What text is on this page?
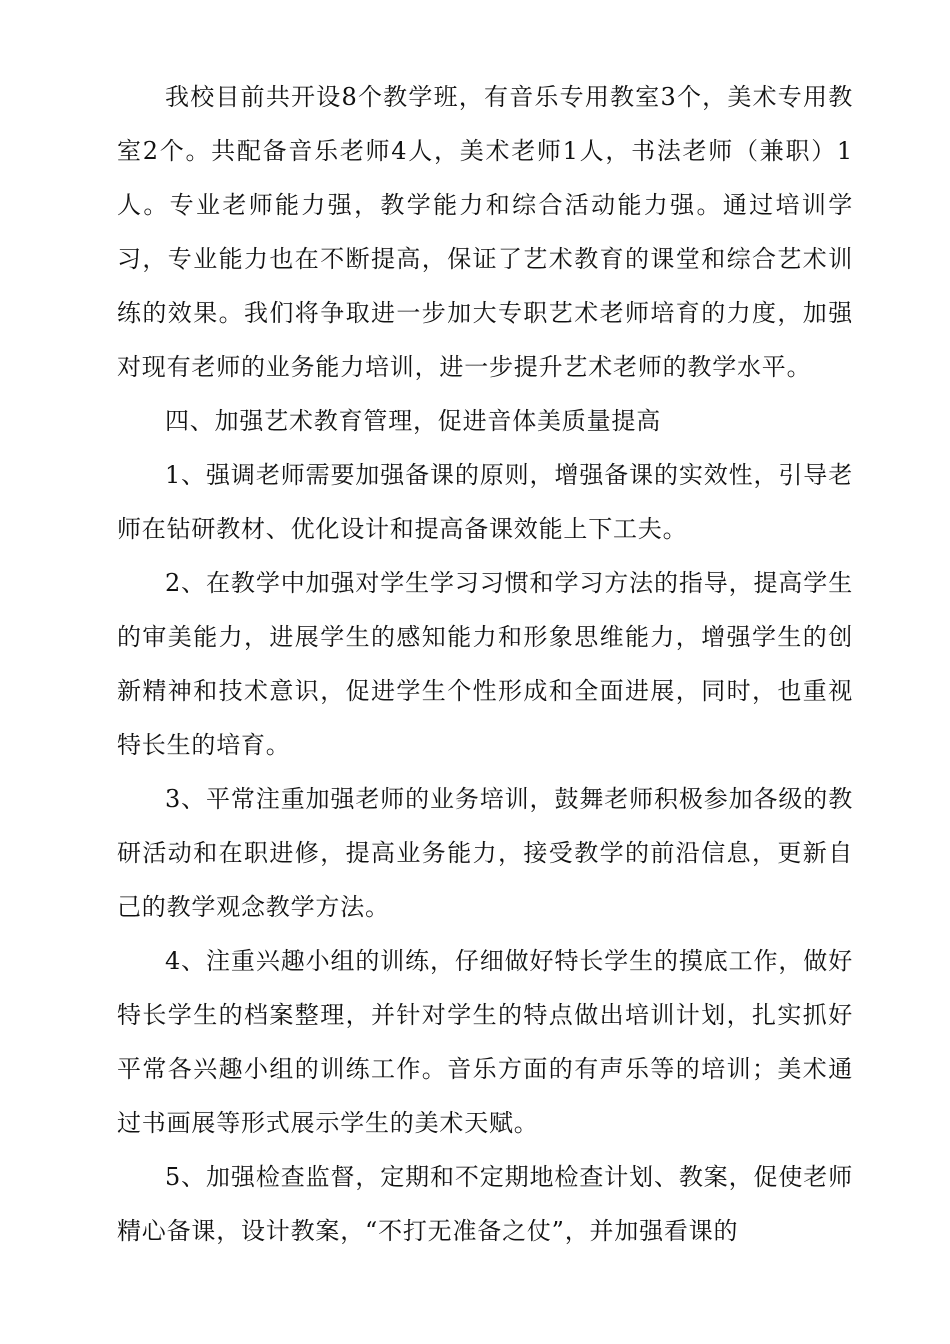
我校目前共开设8个教学班，有音乐专用教室3个，美术专用教室2个。共配备音乐老师4人，美术老师1人，书法老师（兼职）1人。专业老师能力强，教学能力和综合活动能力强。通过培训学习，专业能力也在不断提高，保证了艺术教育的课堂和综合艺术训练的效果。我们将争取进一步加大专职艺术老师培育的力度，加强对现有老师的业务能力培训，进一步提升艺术老师的教学水平。

四、加强艺术教育管理，促进音体美质量提高

1、强调老师需要加强备课的原则，增强备课的实效性，引导老师在钻研教材、优化设计和提高备课效能上下工夫。

2、在教学中加强对学生学习习惯和学习方法的指导，提高学生的审美能力，进展学生的感知能力和形象思维能力，增强学生的创新精神和技术意识，促进学生个性形成和全面进展，同时，也重视特长生的培育。

3、平常注重加强老师的业务培训，鼓舞老师积极参加各级的教研活动和在职进修，提高业务能力，接受教学的前沿信息，更新自己的教学观念教学方法。

4、注重兴趣小组的训练，仔细做好特长学生的摸底工作，做好特长学生的档案整理，并针对学生的特点做出培训计划，扎实抓好平常各兴趣小组的训练工作。音乐方面的有声乐等的培训；美术通过书画展等形式展示学生的美术天赋。

5、加强检查监督，定期和不定期地检查计划、教案，促使老师精心备课，设计教案，“不打无准备之仗”，并加强看课的
